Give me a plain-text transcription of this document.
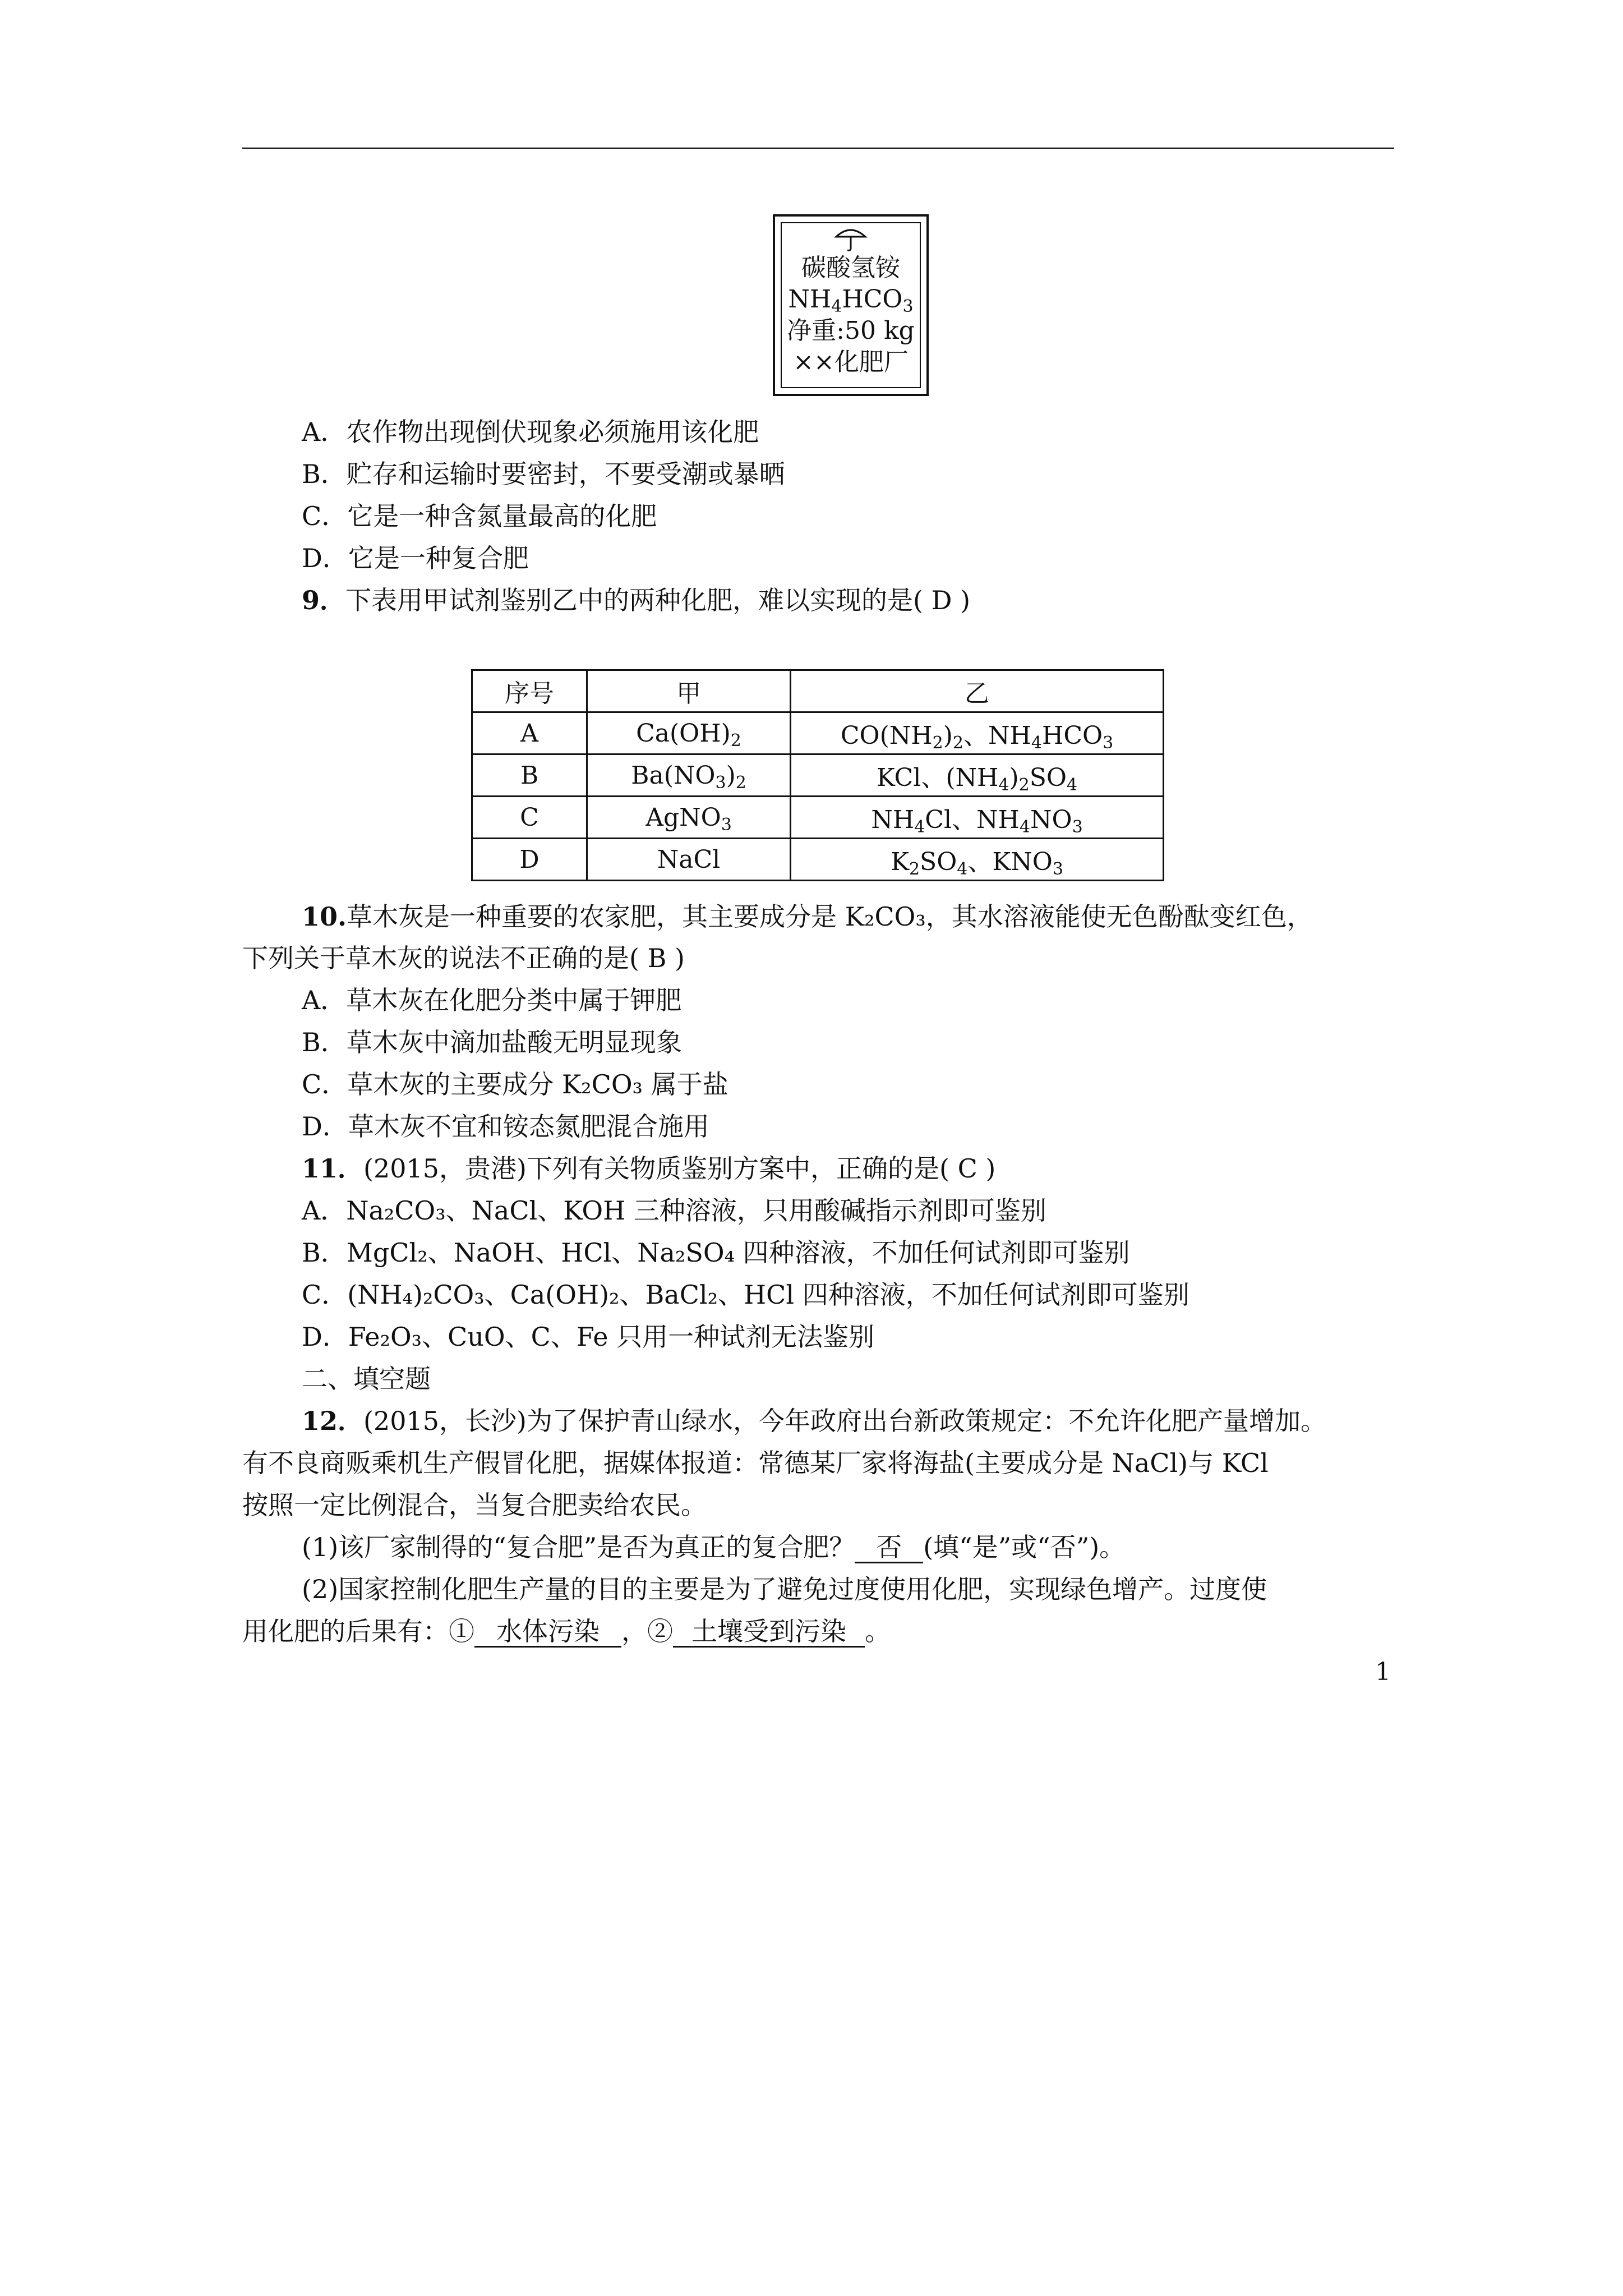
碳酸氢铵
$NH_4HCO_3$
净重:50 kg
××化肥厂
A．农作物出现倒伏现象必须施用该化肥
B．贮存和运输时要密封，不要受潮或暴晒
C．它是一种含氮量最高的化肥
D．它是一种复合肥
9．下表用甲试剂鉴别乙中的两种化肥，难以实现的是( D )
序号	甲	乙
A	$Ca(OH)_2$	$CO(NH_2)_2$、$NH_4HCO_3$
B	$Ba(NO_3)_2$	KCl、$(NH_4)_2SO_4$
C	AgNO$_3$	$NH_4Cl$、$NH_4NO_3$
D	NaCl	$K_2SO_4$、$KNO_3$
10.草木灰是一种重要的农家肥，其主要成分是 K₂CO₃，其水溶液能使无色酚酞变红色，
下列关于草木灰的说法不正确的是( B )
A．草木灰在化肥分类中属于钾肥
B．草木灰中滴加盐酸无明显现象
C．草木灰的主要成分 K₂CO₃ 属于盐
D．草木灰不宜和铵态氮肥混合施用
11．(2015，贵港)下列有关物质鉴别方案中，正确的是( C )
A．Na₂CO₃、NaCl、KOH 三种溶液，只用酸碱指示剂即可鉴别
B．MgCl₂、NaOH、HCl、Na₂SO₄ 四种溶液，不加任何试剂即可鉴别
C．(NH₄)₂CO₃、Ca(OH)₂、BaCl₂、HCl 四种溶液，不加任何试剂即可鉴别
D．Fe₂O₃、CuO、C、Fe 只用一种试剂无法鉴别
二、填空题
12．(2015，长沙)为了保护青山绿水，今年政府出台新政策规定：不允许化肥产量增加。
有不良商贩乘机生产假冒化肥，据媒体报道：常德某厂家将海盐(主要成分是 NaCl)与 KCl
按照一定比例混合，当复合肥卖给农民。
(1)该厂家制得的“复合肥”是否为真正的复合肥？ 否 (填“是”或“否”)。
(2)国家控制化肥生产量的目的主要是为了避免过度使用化肥，实现绿色增产。过度使
用化肥的后果有：① 水体污染 ，② 土壤受到污染 。
1
